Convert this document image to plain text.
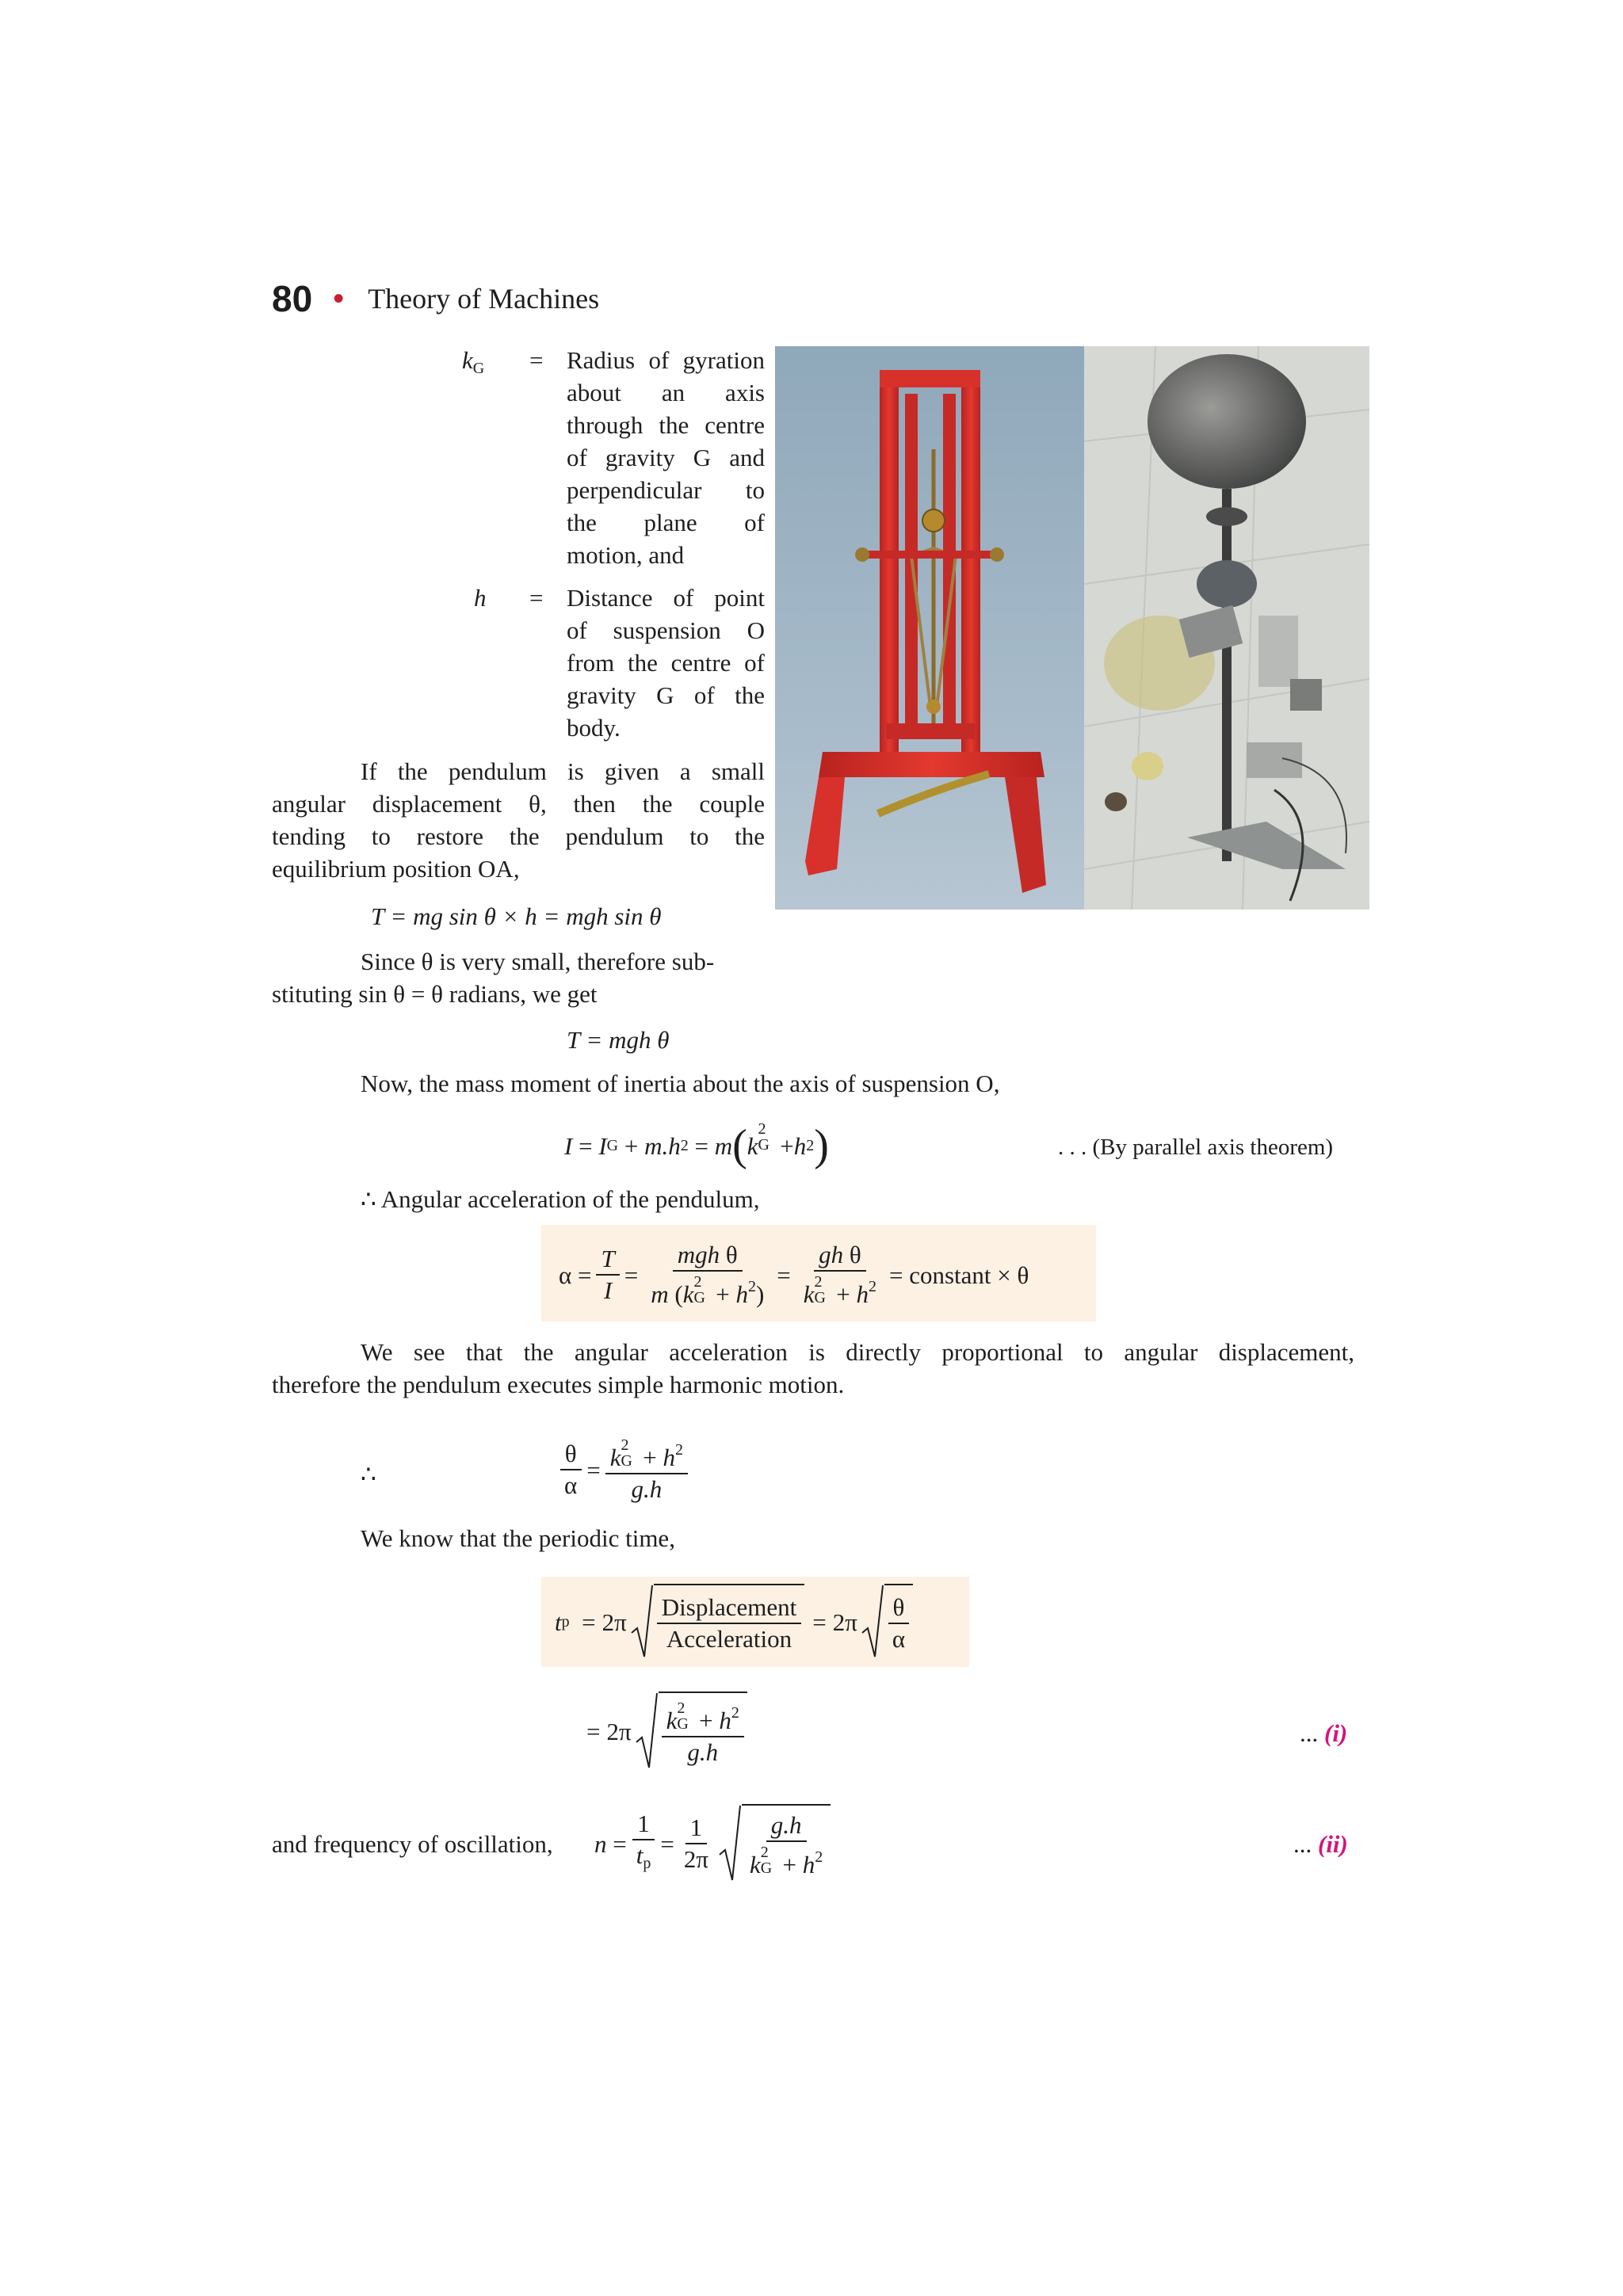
80 • Theory of Machines
$k_G$ = Radius of gyration
about an axis
through the centre
of gravity G and
perpendicular to
the plane of
motion, and
h = Distance of point
of suspension O
from the centre of
gravity G of the
body.
If the pendulum is given a small
angular displacement θ, then the couple
tending to restore the pendulum to the
equilibrium position OA,
T = mg sin θ × h = mgh sin θ
Since θ is very small, therefore sub-
stituting sin θ = θ radians, we get
T = mgh θ
Now, the mass moment of inertia about the axis of suspension O,
I = I G + m.h 2 = m ( k
2
G + h 2 )	. . . (By parallel axis theorem)
∴ Angular acceleration of the pendulum,
$\alpha = \frac{T}{I}$ = mgh θ
m (k 2
$G + h^2$) = gh θ
k 2
$G + h^2$ = constant × θ
We see that the angular acceleration is directly proportional to angular displacement,
therefore the pendulum executes simple harmonic motion.
∴	$\frac{\theta}{\alpha} = k$ 2
$G + h^2$
g.h
We know that the periodic time,
t $p = 2\pi \frac{\text{Displacement}}{\text{Acceleration}} = 2\pi \frac{\theta}{\alpha}$
= 2π k 2
$G + h^2$
g.h	... (i)
and frequency of oscillation, $n = \frac{1}{t_p} = \frac{1}{2\pi} g.h$
k 2
$G + h^2$	... (ii)
